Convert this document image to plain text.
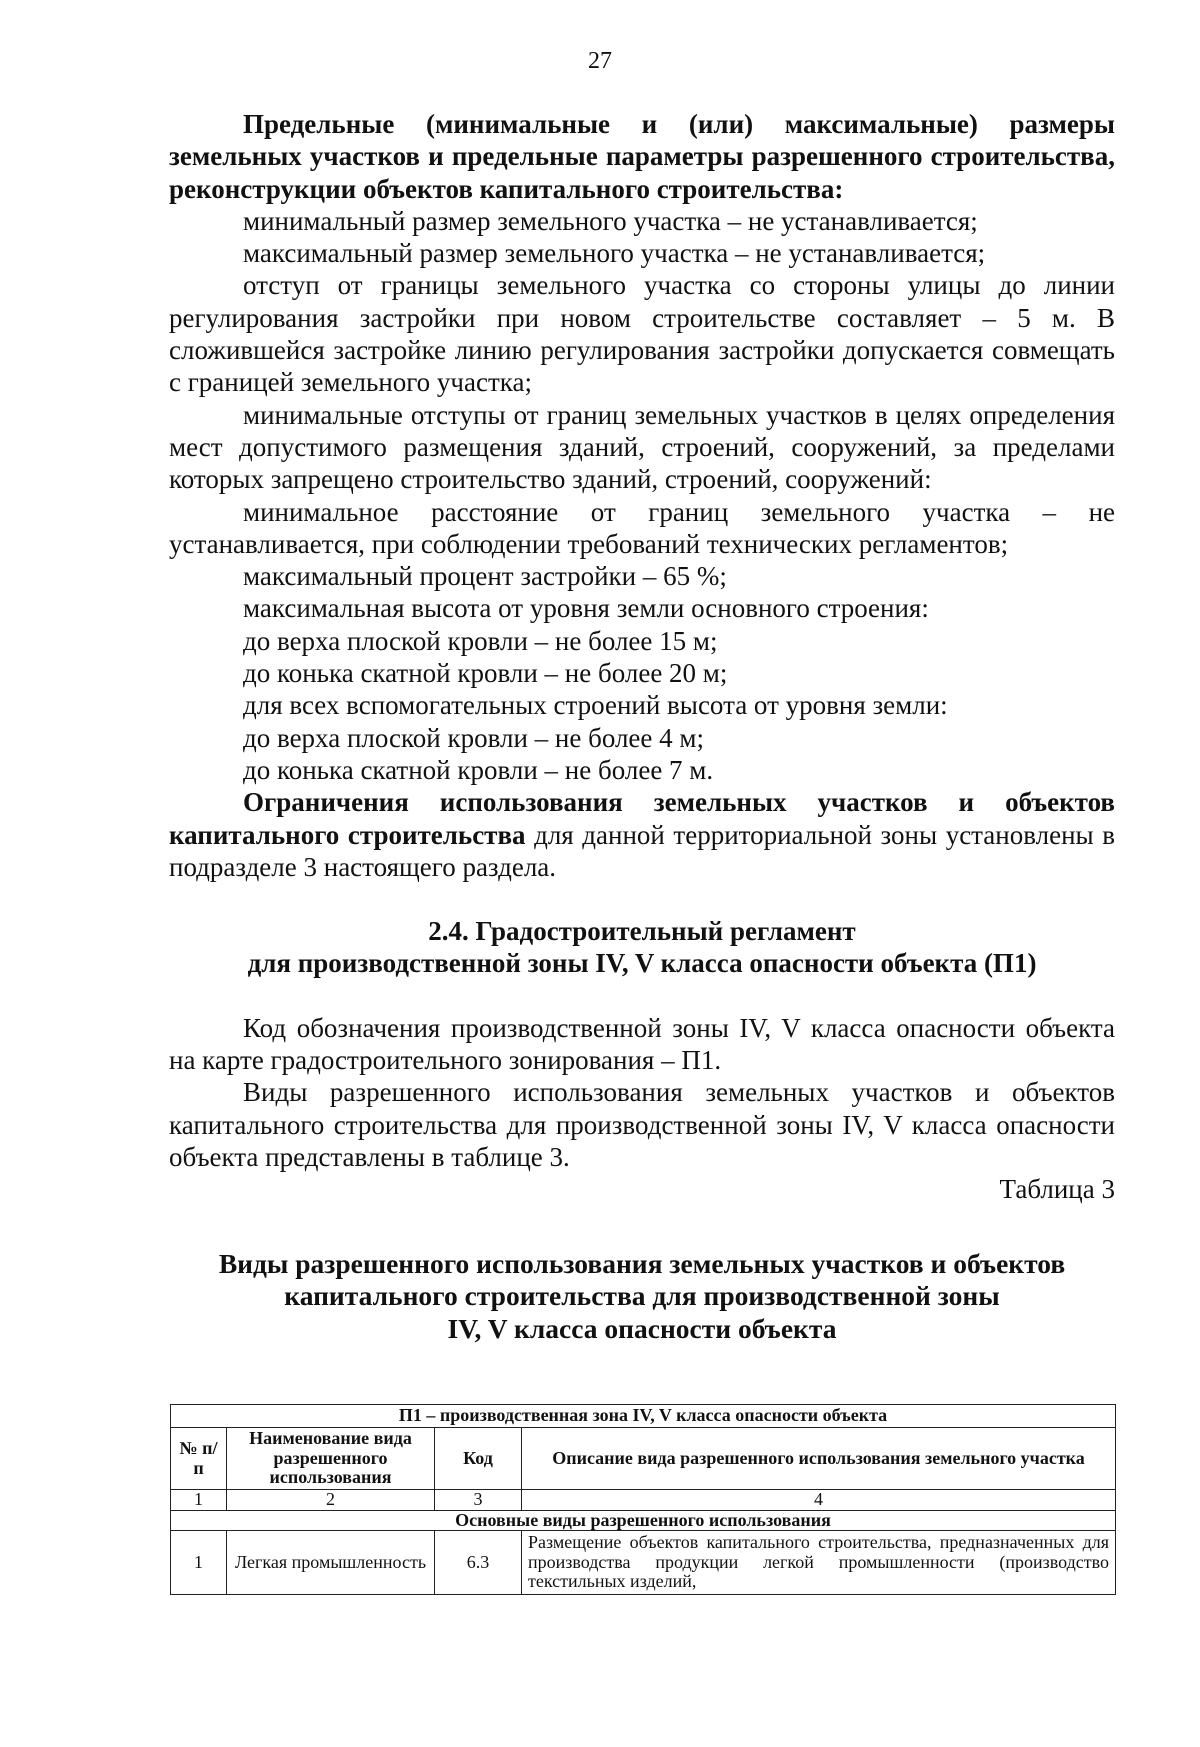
27

Предельные (минимальные и (или) максимальные) размеры земельных участков и предельные параметры разрешенного строительства, реконструкции объектов капитального строительства:

минимальный размер земельного участка – не устанавливается;

максимальный размер земельного участка – не устанавливается;

отступ от границы земельного участка со стороны улицы до линии регулирования застройки при новом строительстве составляет – 5 м. В сложившейся застройке линию регулирования застройки допускается совмещать с границей земельного участка;

минимальные отступы от границ земельных участков в целях определения мест допустимого размещения зданий, строений, сооружений, за пределами которых запрещено строительство зданий, строений, сооружений:

минимальное расстояние от границ земельного участка – не

устанавливается, при соблюдении требований технических регламентов;

максимальный процент застройки – 65 %;

максимальная высота от уровня земли основного строения:

до верха плоской кровли – не более 15 м;

до конька скатной кровли – не более 20 м;

для всех вспомогательных строений высота от уровня земли:

до верха плоской кровли – не более 4 м;

до конька скатной кровли – не более 7 м.

Ограничения использования земельных участков и объектов капитального строительства для данной территориальной зоны установлены в подразделе 3 настоящего раздела.

2.4. Градостроительный регламент
для производственной зоны IV, V класса опасности объекта (П1)

Код обозначения производственной зоны IV, V класса опасности объекта на карте градостроительного зонирования – П1.

Виды разрешенного использования земельных участков и объектов капитального строительства для производственной зоны IV, V класса опасности объекта представлены в таблице 3.

Таблица 3

Виды разрешенного использования земельных участков и объектов
капитального строительства для производственной зоны
IV, V класса опасности объекта
П1 – производственная зона IV, V класса опасности объекта			
№ п/п	Наименование вида разрешенного использования	Код	Описание вида разрешенного использования земельного участка
1	2	3	4
Основные виды разрешенного использования			
1	Легкая промышленность	6.3	Размещение объектов капитального строительства, предназначенных для производства продукции легкой промышленности (производство текстильных изделий,
